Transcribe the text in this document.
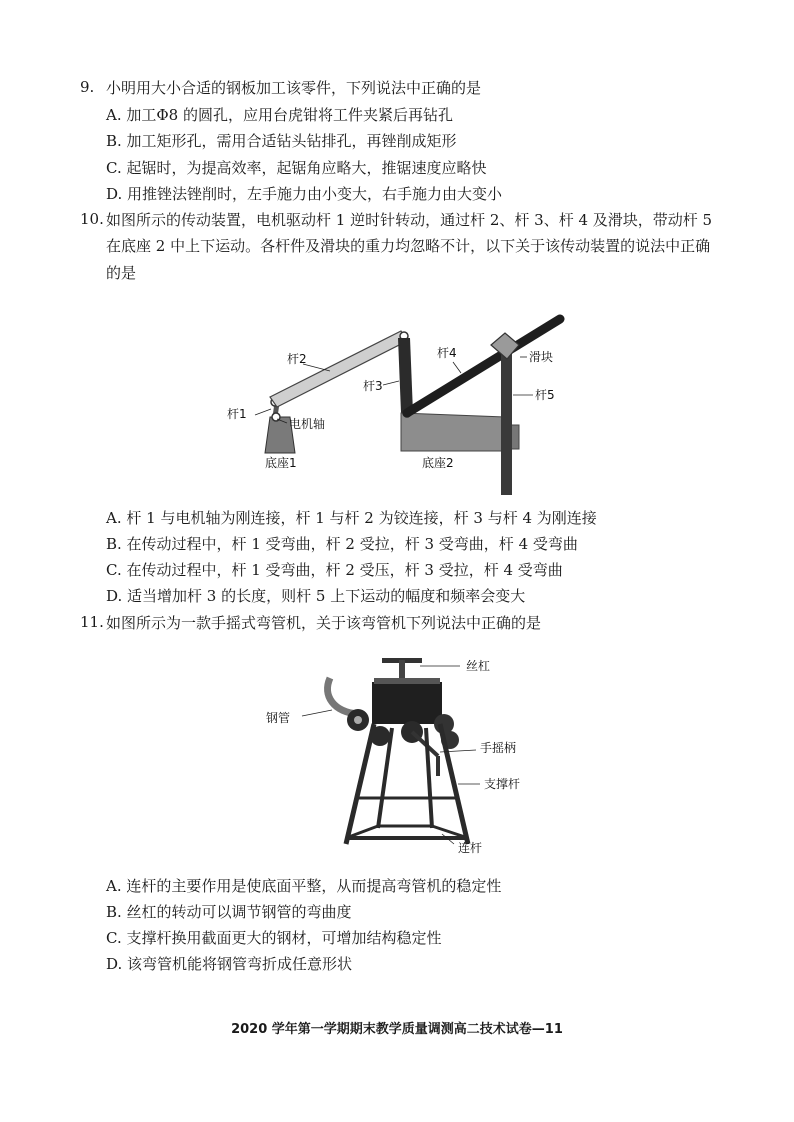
9. 小明用大小合适的钢板加工该零件，下列说法中正确的是
A. 加工Φ8 的圆孔，应用台虎钳将工件夹紧后再钻孔
B. 加工矩形孔，需用合适钻头钻排孔，再锉削成矩形
C. 起锯时，为提高效率，起锯角应略大，推锯速度应略快
D. 用推锉法锉削时，左手施力由小变大，右手施力由大变小
10. 如图所示的传动装置，电机驱动杆 1 逆时针转动，通过杆 2、杆 3、杆 4 及滑块，带动杆 5
在底座 2 中上下运动。各杆件及滑块的重力均忽略不计，以下关于该传动装置的说法中正确
的是
杆2
杆1
电机轴
杆3
杆4	滑块
杆5
底座1	底座2
A. 杆 1 与电机轴为刚连接，杆 1 与杆 2 为铰连接，杆 3 与杆 4 为刚连接
B. 在传动过程中，杆 1 受弯曲，杆 2 受拉，杆 3 受弯曲，杆 4 受弯曲
C. 在传动过程中，杆 1 受弯曲，杆 2 受压，杆 3 受拉，杆 4 受弯曲
D. 适当增加杆 3 的长度，则杆 5 上下运动的幅度和频率会变大
11. 如图所示为一款手摇式弯管机，关于该弯管机下列说法中正确的是
丝杠
钢管
手摇柄
支撑杆
连杆
A. 连杆的主要作用是使底面平整，从而提高弯管机的稳定性
B. 丝杠的转动可以调节钢管的弯曲度
C. 支撑杆换用截面更大的钢材，可增加结构稳定性
D. 该弯管机能将钢管弯折成任意形状
2020 学年第一学期期末教学质量调测高二技术试卷—11
